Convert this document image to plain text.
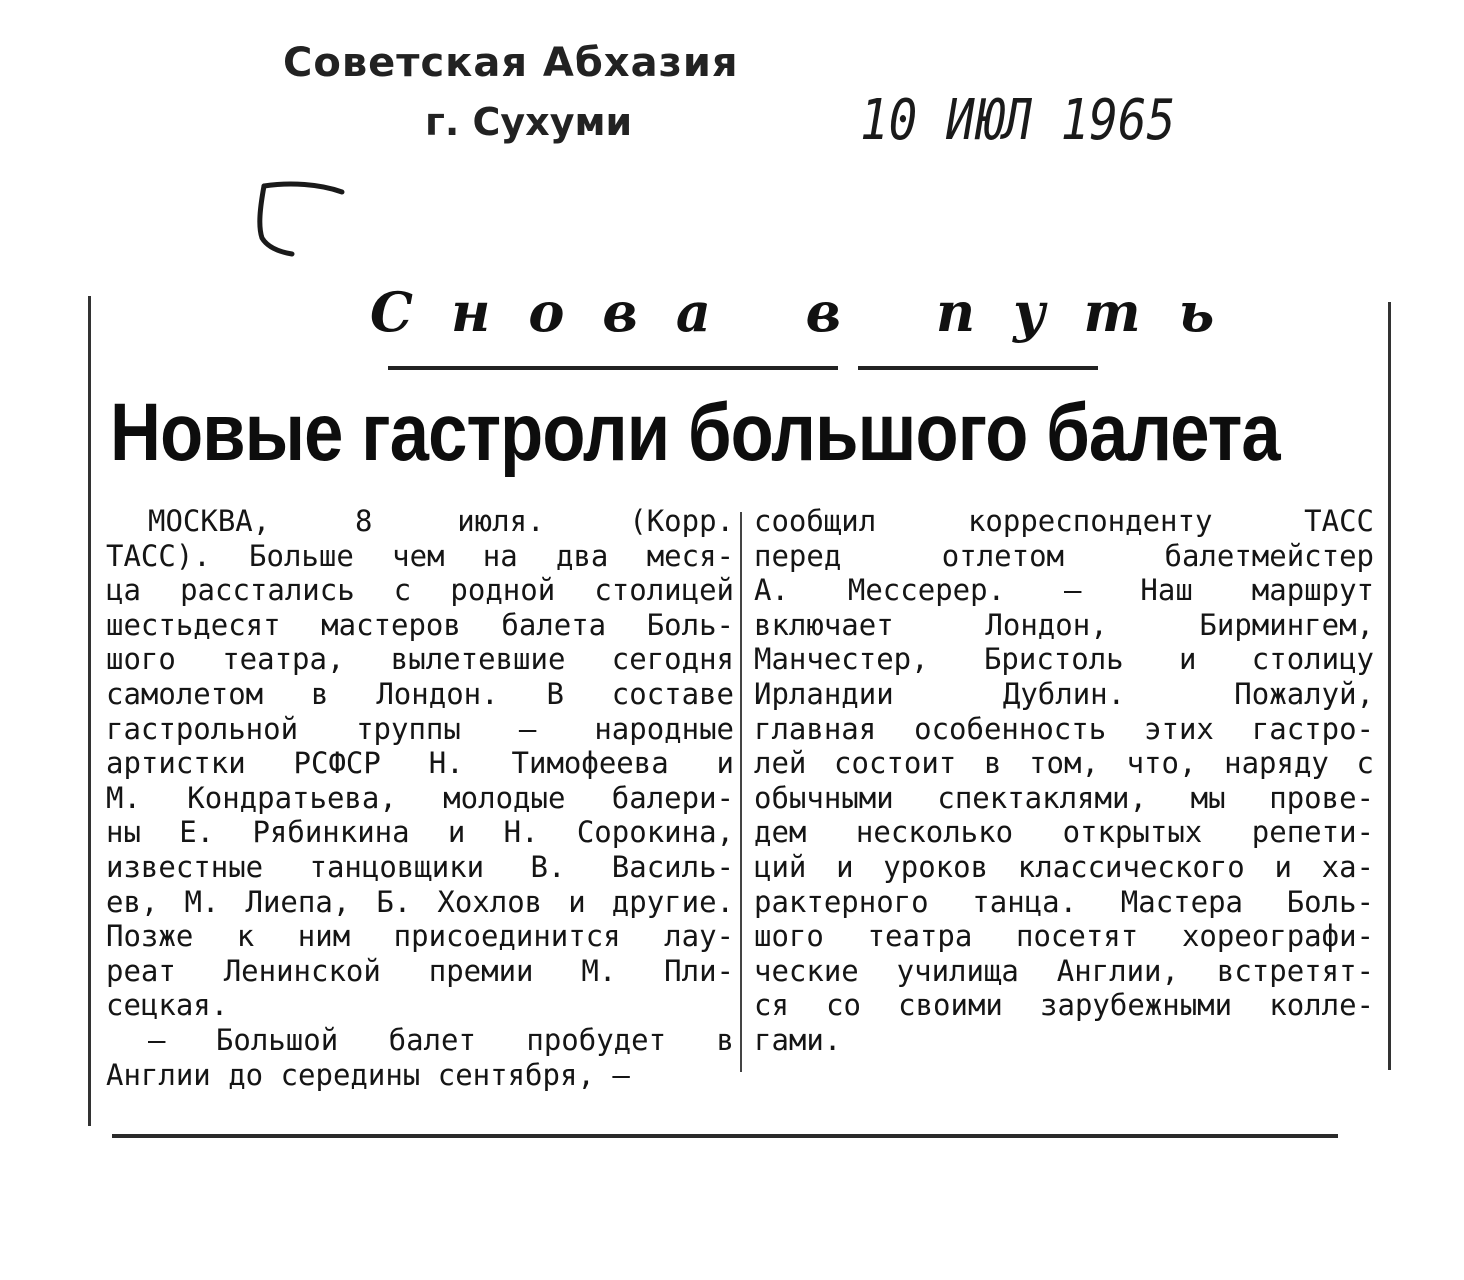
Советская Абхазия
г. Сухуми	10 ИЮЛ 1965
Снова в путь
Новые гастроли большого балета
МОСКВА, 8 июля. (Корр.
ТАСС). Больше чем на два меся-
ца расстались с родной столицей
шестьдесят мастеров балета Боль-
шого театра, вылетевшие сегодня
самолетом в Лондон. В составе
гастрольной труппы — народные
артистки РСФСР Н. Тимофеева и
М. Кондратьева, молодые балери-
ны Е. Рябинкина и Н. Сорокина,
известные танцовщики В. Василь-
ев, М. Лиепа, Б. Хохлов и другие.
Позже к ним присоединится лау-
реат Ленинской премии М. Пли-
сецкая.
— Большой балет пробудет в
Англии до середины сентября, —
сообщил корреспонденту ТАСС
перед отлетом балетмейстер
А. Мессерер. — Наш маршрут
включает Лондон, Бирмингем,
Манчестер, Бристоль и столицу
Ирландии Дублин. Пожалуй,
главная особенность этих гастро-
лей состоит в том, что, наряду с
обычными спектаклями, мы прове-
дем несколько открытых репети-
ций и уроков классического и ха-
рактерного танца. Мастера Боль-
шого театра посетят хореографи-
ческие училища Англии, встретят-
ся со своими зарубежными колле-
гами.
